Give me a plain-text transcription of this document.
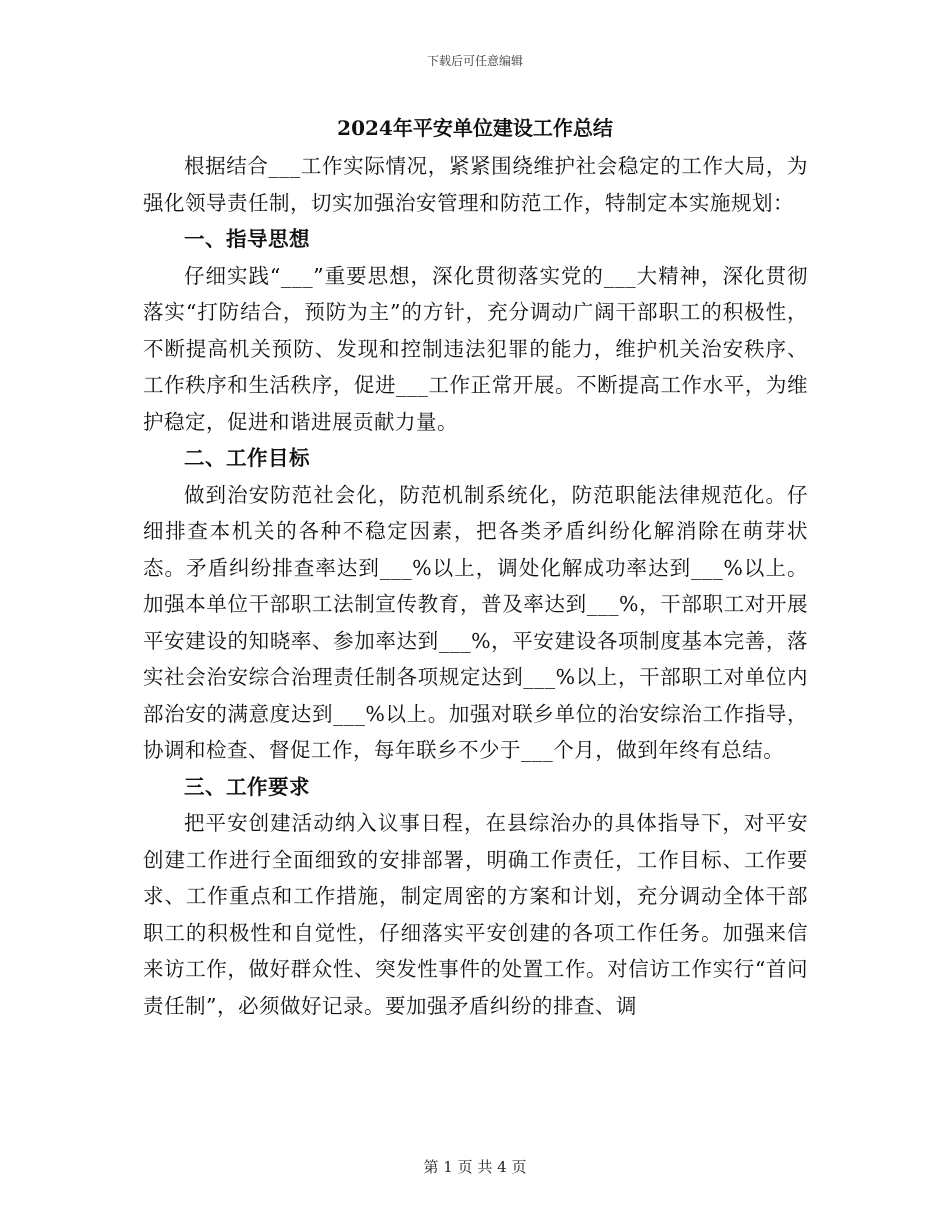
下载后可任意编辑
2024年平安单位建设工作总结

根据结合___工作实际情况，紧紧围绕维护社会稳定的工作大局，为强化领导责任制，切实加强治安管理和防范工作，特制定本实施规划：

一、指导思想

仔细实践“___”重要思想，深化贯彻落实党的___大精神，深化贯彻落实“打防结合，预防为主”的方针，充分调动广阔干部职工的积极性，不断提高机关预防、发现和控制违法犯罪的能力，维护机关治安秩序、工作秩序和生活秩序，促进___工作正常开展。不断提高工作水平，为维护稳定，促进和谐进展贡献力量。

二、工作目标

做到治安防范社会化，防范机制系统化，防范职能法律规范化。仔细排查本机关的各种不稳定因素，把各类矛盾纠纷化解消除在萌芽状态。矛盾纠纷排查率达到___%以上，调处化解成功率达到___%以上。加强本单位干部职工法制宣传教育，普及率达到___%，干部职工对开展平安建设的知晓率、参加率达到___%，平安建设各项制度基本完善，落实社会治安综合治理责任制各项规定达到___%以上，干部职工对单位内部治安的满意度达到___%以上。加强对联乡单位的治安综治工作指导，协调和检查、督促工作，每年联乡不少于___个月，做到年终有总结。

三、工作要求

把平安创建活动纳入议事日程，在县综治办的具体指导下，对平安创建工作进行全面细致的安排部署，明确工作责任，工作目标、工作要求、工作重点和工作措施，制定周密的方案和计划，充分调动全体干部职工的积极性和自觉性，仔细落实平安创建的各项工作任务。加强来信来访工作，做好群众性、突发性事件的处置工作。对信访工作实行“首问责任制”，必须做好记录。要加强矛盾纠纷的排查、调

第 1 页 共 4 页
